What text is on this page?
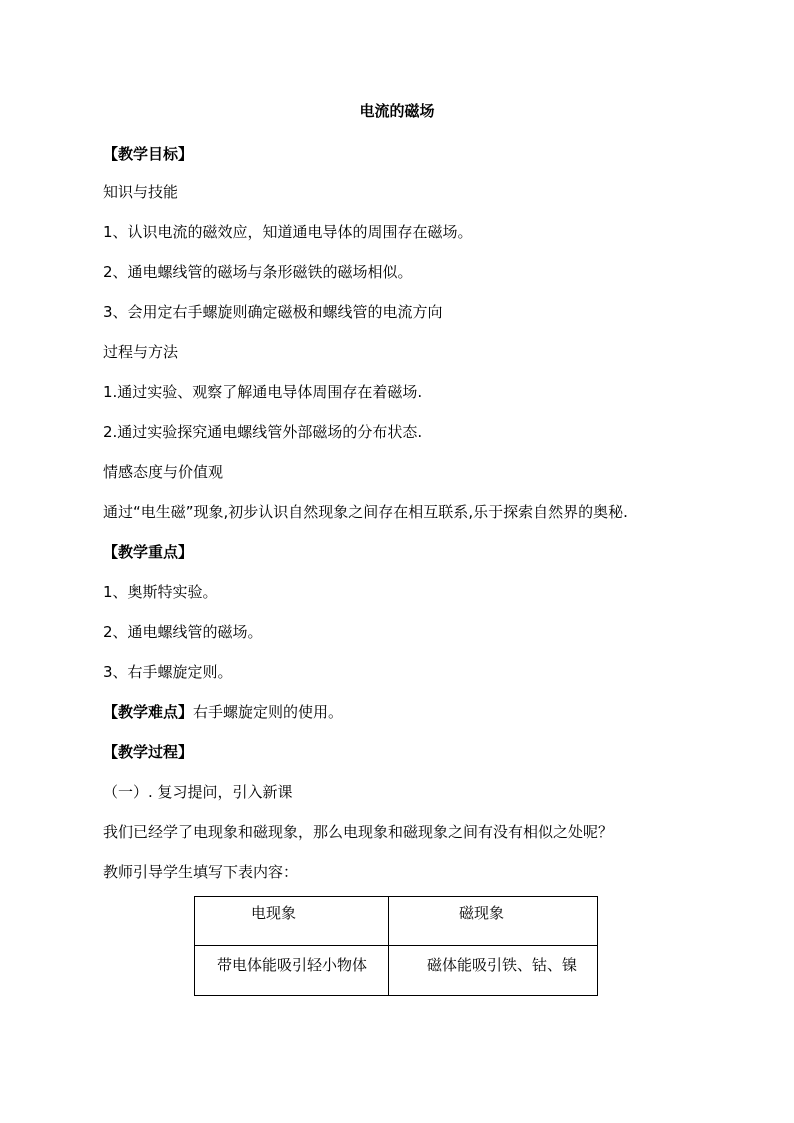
电流的磁场
【教学目标】
知识与技能
1、认识电流的磁效应，知道通电导体的周围存在磁场。
2、通电螺线管的磁场与条形磁铁的磁场相似。
3、会用定右手螺旋则确定磁极和螺线管的电流方向
过程与方法
1.通过实验、观察了解通电导体周围存在着磁场.
2.通过实验探究通电螺线管外部磁场的分布状态.
情感态度与价值观
通过“电生磁”现象,初步认识自然现象之间存在相互联系,乐于探索自然界的奥秘.
【教学重点】
1、奥斯特实验。
2、通电螺线管的磁场。
3、右手螺旋定则。
【教学难点】右手螺旋定则的使用。
【教学过程】
（一）. 复习提问，引入新课
我们已经学了电现象和磁现象，那么电现象和磁现象之间有没有相似之处呢？
教师引导学生填写下表内容：
电现象	磁现象
带电体能吸引轻小物体	磁体能吸引铁、钴、镍
